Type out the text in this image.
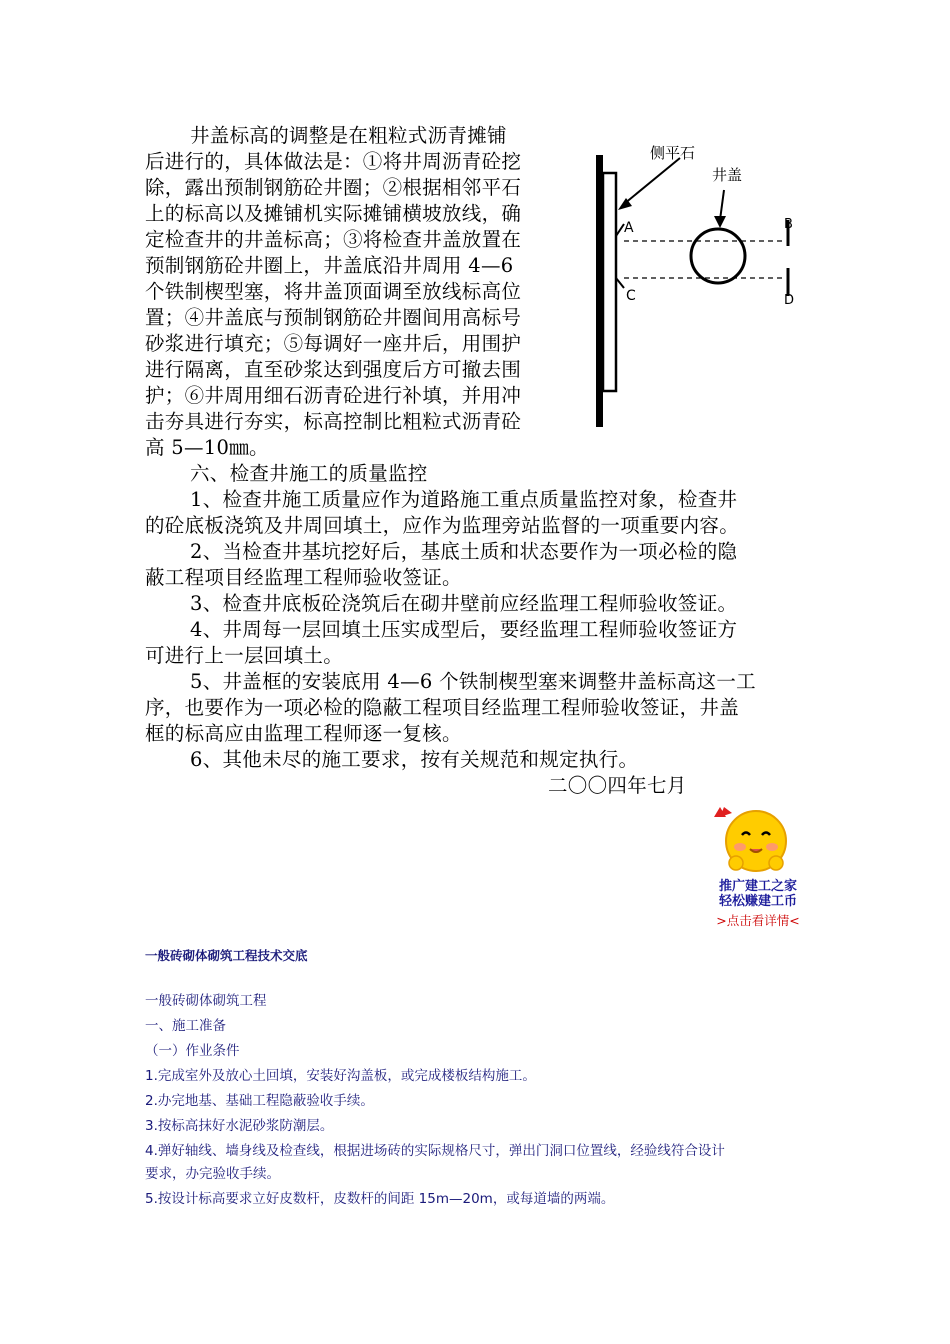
井盖标高的调整是在粗粒式沥青摊铺
后进行的，具体做法是：①将井周沥青砼挖
除，露出预制钢筋砼井圈；②根据相邻平石
上的标高以及摊铺机实际摊铺横坡放线，确
定检查井的井盖标高；③将检查井盖放置在
预制钢筋砼井圈上，井盖底沿井周用 4—6
个铁制楔型塞，将井盖顶面调至放线标高位
置；④井盖底与预制钢筋砼井圈间用高标号
砂浆进行填充；⑤每调好一座井后，用围护
进行隔离，直至砂浆达到强度后方可撤去围
护；⑥井周用细石沥青砼进行补填，并用冲
击夯具进行夯实，标高控制比粗粒式沥青砼
高 5—10㎜。
六、检查井施工的质量监控
1、检查井施工质量应作为道路施工重点质量监控对象，检查井
的砼底板浇筑及井周回填土，应作为监理旁站监督的一项重要内容。
2、当检查井基坑挖好后，基底土质和状态要作为一项必检的隐
蔽工程项目经监理工程师验收签证。
3、检查井底板砼浇筑后在砌井壁前应经监理工程师验收签证。
4、井周每一层回填土压实成型后，要经监理工程师验收签证方
可进行上一层回填土。
5、井盖框的安装底用 4—6 个铁制楔型塞来调整井盖标高这一工
序，也要作为一项必检的隐蔽工程项目经监理工程师验收签证，井盖
框的标高应由监理工程师逐一复核。
6、其他未尽的施工要求，按有关规范和规定执行。
二〇〇四年七月
侧平石
井盖
A
C
B
D
推广建工之家
轻松赚建工币
>点击看详情<
一般砖砌体砌筑工程技术交底
一般砖砌体砌筑工程
一、施工准备
（一）作业条件
1.完成室外及放心土回填，安装好沟盖板，或完成楼板结构施工。
2.办完地基、基础工程隐蔽验收手续。
3.按标高抹好水泥砂浆防潮层。
4.弹好轴线、墙身线及检查线，根据进场砖的实际规格尺寸，弹出门洞口位置线，经验线符合设计
要求，办完验收手续。
5.按设计标高要求立好皮数杆，皮数杆的间距 15m—20m，或每道墙的两端。
